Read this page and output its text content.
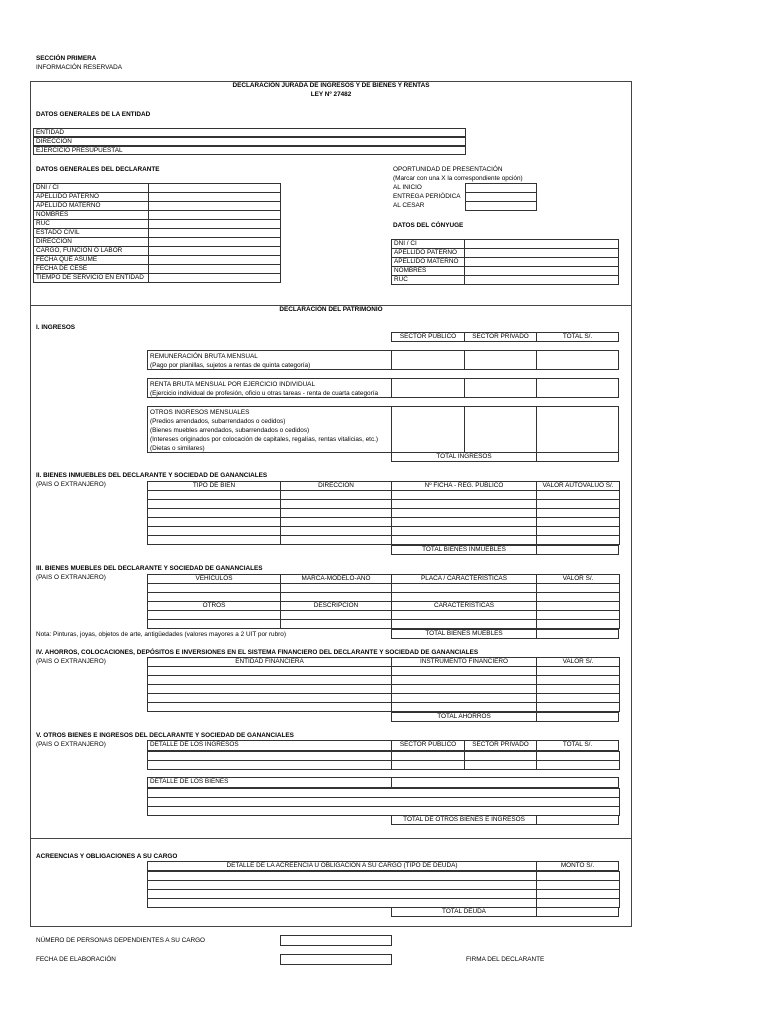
SECCIÓN PRIMERA
INFORMACIÓN RESERVADA
DECLARACIÓN JURADA DE INGRESOS Y DE BIENES Y RENTAS
LEY Nº 27482
DATOS GENERALES DE LA ENTIDAD
ENTIDAD
DIRECCIÓN
EJERCICIO PRESUPUESTAL
DATOS GENERALES DEL DECLARANTE
DNI / CI
APELLIDO PATERNO
APELLIDO MATERNO
NOMBRES
RUC
ESTADO CIVIL
DIRECCIÓN
CARGO, FUNCIÓN O LABOR
FECHA QUE ASUME
FECHA DE CESE
TIEMPO DE SERVICIO EN ENTIDAD
OPORTUNIDAD DE PRESENTACIÓN
(Marcar con una X la correspondiente opción)
AL INICIO
ENTREGA PERIÓDICA
AL CESAR
DATOS DEL CÓNYUGE
DNI / CI
APELLIDO PATERNO
APELLIDO MATERNO
NOMBRES
RUC
DECLARACIÓN DEL PATRIMONIO
I. INGRESOS
SECTOR PÚBLICO	SECTOR PRIVADO	TOTAL S/.
REMUNERACIÓN BRUTA MENSUAL
(Pago por planillas, sujetos a rentas de quinta categoría)
RENTA BRUTA MENSUAL POR EJERCICIO INDIVIDUAL
(Ejercicio individual de profesión, oficio u otras tareas - renta de cuarta categoría
OTROS INGRESOS MENSUALES
(Predios arrendados, subarrendados o cedidos)
(Bienes muebles arrendados, subarrendados o cedidos)
(Intereses originados por colocación de capitales, regalías, rentas vitalicias, etc.)
(Dietas o similares)
TOTAL INGRESOS
II. BIENES INMUEBLES DEL DECLARANTE Y SOCIEDAD DE GANANCIALES
(PAIS O EXTRANJERO)	TIPO DE BIEN	DIRECCIÓN	Nº FICHA - REG. PÚBLICO	VALOR AUTOVALUO S/.
TOTAL BIENES INMUEBLES
III. BIENES MUEBLES DEL DECLARANTE Y SOCIEDAD DE GANANCIALES
(PAIS O EXTRANJERO)	VEHÍCULOS	MARCA-MODELO-AÑO	PLACA / CARACTERÍSTICAS	VALOR S/.
OTROS	DESCRIPCIÓN	CARACTERÍSTICAS
Nota: Pinturas, joyas, objetos de arte, antigüedades (valores mayores a 2 UIT por rubro)	TOTAL BIENES MUEBLES
IV. AHORROS, COLOCACIONES, DEPÓSITOS E INVERSIONES EN EL SISTEMA FINANCIERO DEL DECLARANTE Y SOCIEDAD DE GANANCIALES
(PAIS O EXTRANJERO)	ENTIDAD FINANCIERA	INSTRUMENTO FINANCIERO	VALOR S/.
TOTAL AHORROS
V. OTROS BIENES E INGRESOS DEL DECLARANTE Y SOCIEDAD DE GANANCIALES
(PAIS O EXTRANJERO)	DETALLE DE LOS INGRESOS	SECTOR PÚBLICO	SECTOR PRIVADO	TOTAL S/.
DETALLE DE LOS BIENES
TOTAL DE OTROS BIENES E INGRESOS
ACREENCIAS Y OBLIGACIONES A SU CARGO
DETALLE DE LA ACREENCIA U OBLIGACIÓN A SU CARGO (TIPO DE DEUDA)	MONTO S/.
TOTAL DEUDA
NÚMERO DE PERSONAS DEPENDIENTES A SU CARGO
FECHA DE ELABORACIÓN	FIRMA DEL DECLARANTE
